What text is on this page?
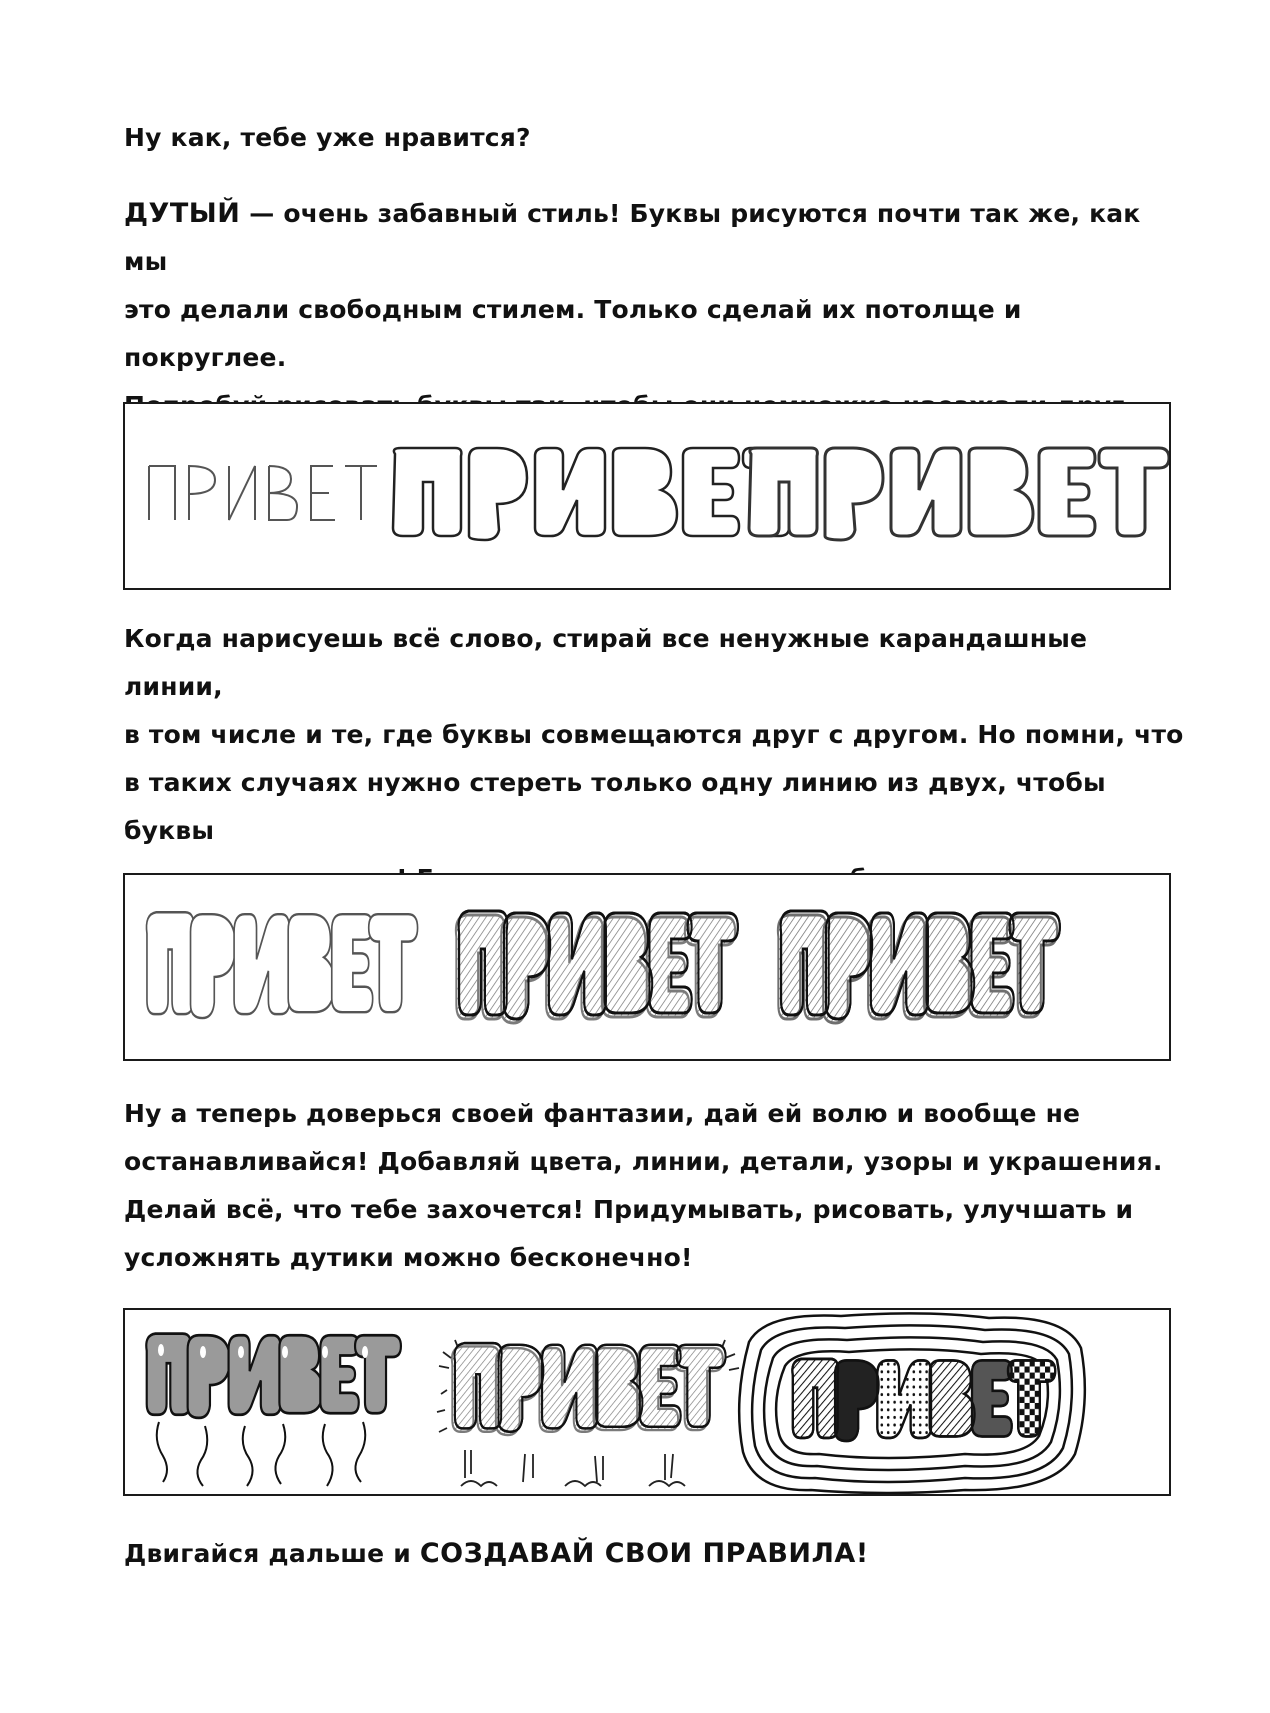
Ну как, тебе уже нравится?

ДУТЫЙ — очень забавный стиль! Буквы рисуются почти так же, как мы
это делали свободным стилем. Только сделай их потолще и покруглее.

Когда нарисуешь всё слово, стирай все ненужные карандашные линии,
в том числе и те, где буквы совмещаются друг с другом. Но помни, что
в таких случаях нужно стереть только одну линию из двух, чтобы буквы

Ну а теперь доверься своей фантазии, дай ей волю и вообще не
останавливайся! Добавляй цвета, линии, детали, узоры и украшения.
Делай всё, что тебе захочется! Придумывать, рисовать, улучшать и
усложнять дутики можно бесконечно!

Двигайся дальше и СОЗДАВАЙ СВОИ ПРАВИЛА!
